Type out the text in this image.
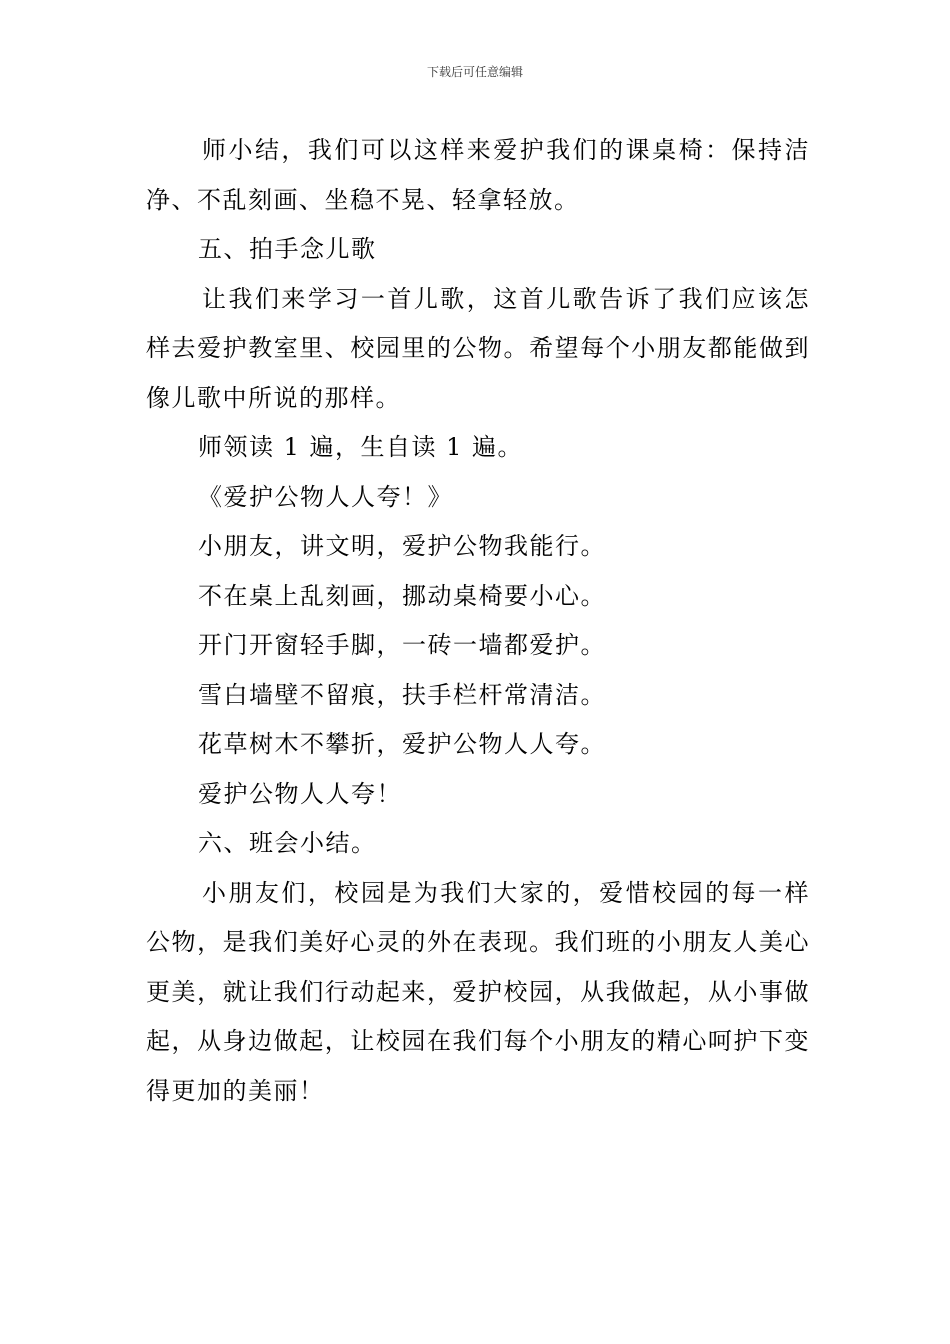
下载后可任意编辑

师小结，我们可以这样来爱护我们的课桌椅：保持洁净、不乱刻画、坐稳不晃、轻拿轻放。

五、拍手念儿歌

让我们来学习一首儿歌，这首儿歌告诉了我们应该怎样去爱护教室里、校园里的公物。希望每个小朋友都能做到像儿歌中所说的那样。

师领读 1 遍，生自读 1 遍。

《爱护公物人人夸！》

小朋友，讲文明，爱护公物我能行。

不在桌上乱刻画，挪动桌椅要小心。

开门开窗轻手脚，一砖一墙都爱护。

雪白墙壁不留痕，扶手栏杆常清洁。

花草树木不攀折，爱护公物人人夸。

爱护公物人人夸！

六、班会小结。

小朋友们，校园是为我们大家的，爱惜校园的每一样公物，是我们美好心灵的外在表现。我们班的小朋友人美心更美，就让我们行动起来，爱护校园，从我做起，从小事做起，从身边做起，让校园在我们每个小朋友的精心呵护下变得更加的美丽！
